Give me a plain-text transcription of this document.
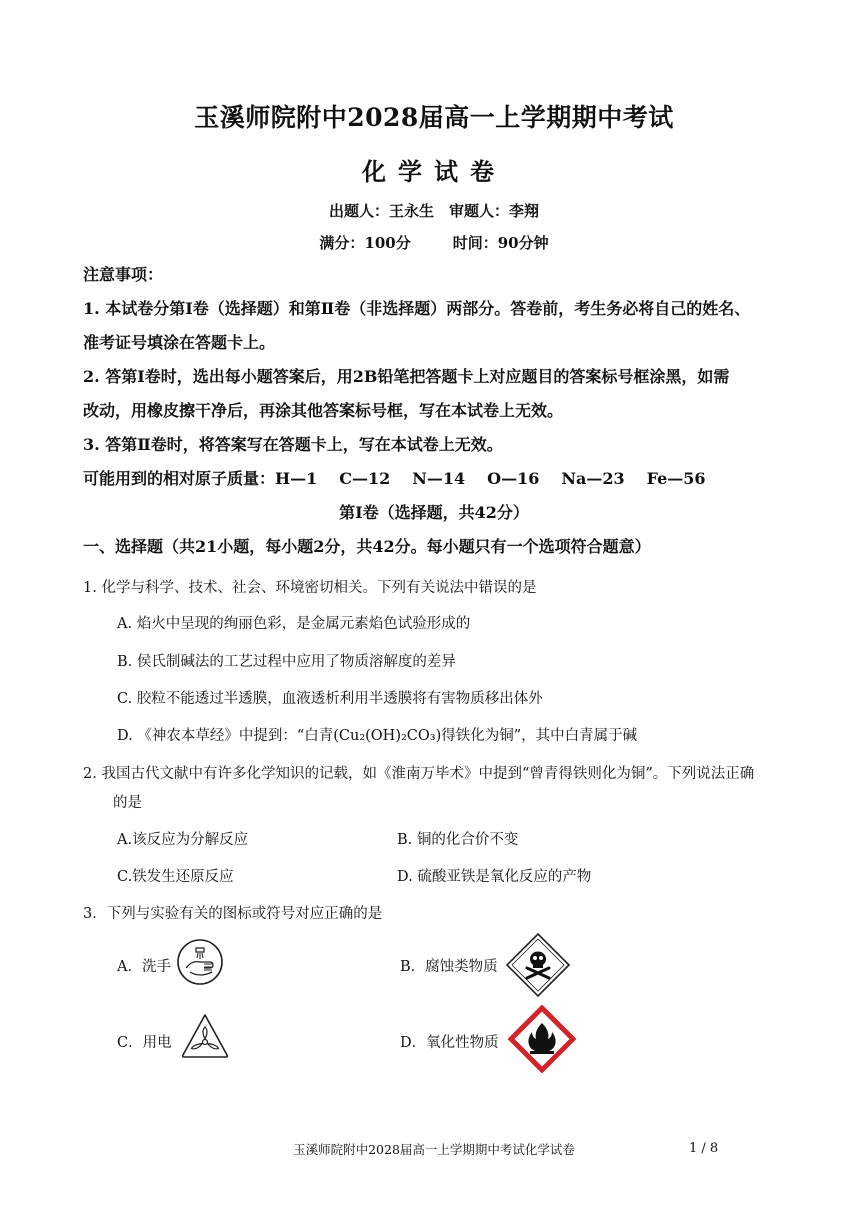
玉溪师院附中2028届高一上学期期中考试
化学试卷
出题人：王永生　审题人：李翔
满分：100分	时间：90分钟
注意事项：
1. 本试卷分第Ⅰ卷（选择题）和第Ⅱ卷（非选择题）两部分。答卷前，考生务必将自己的姓名、
准考证号填涂在答题卡上。
2. 答第Ⅰ卷时，选出每小题答案后，用2B铅笔把答题卡上对应题目的答案标号框涂黑，如需
改动，用橡皮擦干净后，再涂其他答案标号框，写在本试卷上无效。
3. 答第Ⅱ卷时，将答案写在答题卡上，写在本试卷上无效。
可能用到的相对原子质量：H—1 C—12 N—14 O—16 Na—23 Fe—56
第Ⅰ卷（选择题，共42分）
一、选择题（共21小题，每小题2分，共42分。每小题只有一个选项符合题意）
1. 化学与科学、技术、社会、环境密切相关。下列有关说法中错误的是
A. 焰火中呈现的绚丽色彩，是金属元素焰色试验形成的
B. 侯氏制碱法的工艺过程中应用了物质溶解度的差异
C. 胶粒不能透过半透膜，血液透析利用半透膜将有害物质移出体外
D. 《神农本草经》中提到：“白青(Cu₂(OH)₂CO₃)得铁化为铜”，其中白青属于碱
2. 我国古代文献中有许多化学知识的记载，如《淮南万毕术》中提到“曾青得铁则化为铜”。下列说法正确
的是
A.该反应为分解反应	B. 铜的化合价不变
C.铁发生还原反应	D. 硫酸亚铁是氧化反应的产物
3．下列与实验有关的图标或符号对应正确的是
A．洗手	B．腐蚀类物质
C．用电	D．氧化性物质
玉溪师院附中2028届高一上学期期中考试化学试卷	1 / 8
